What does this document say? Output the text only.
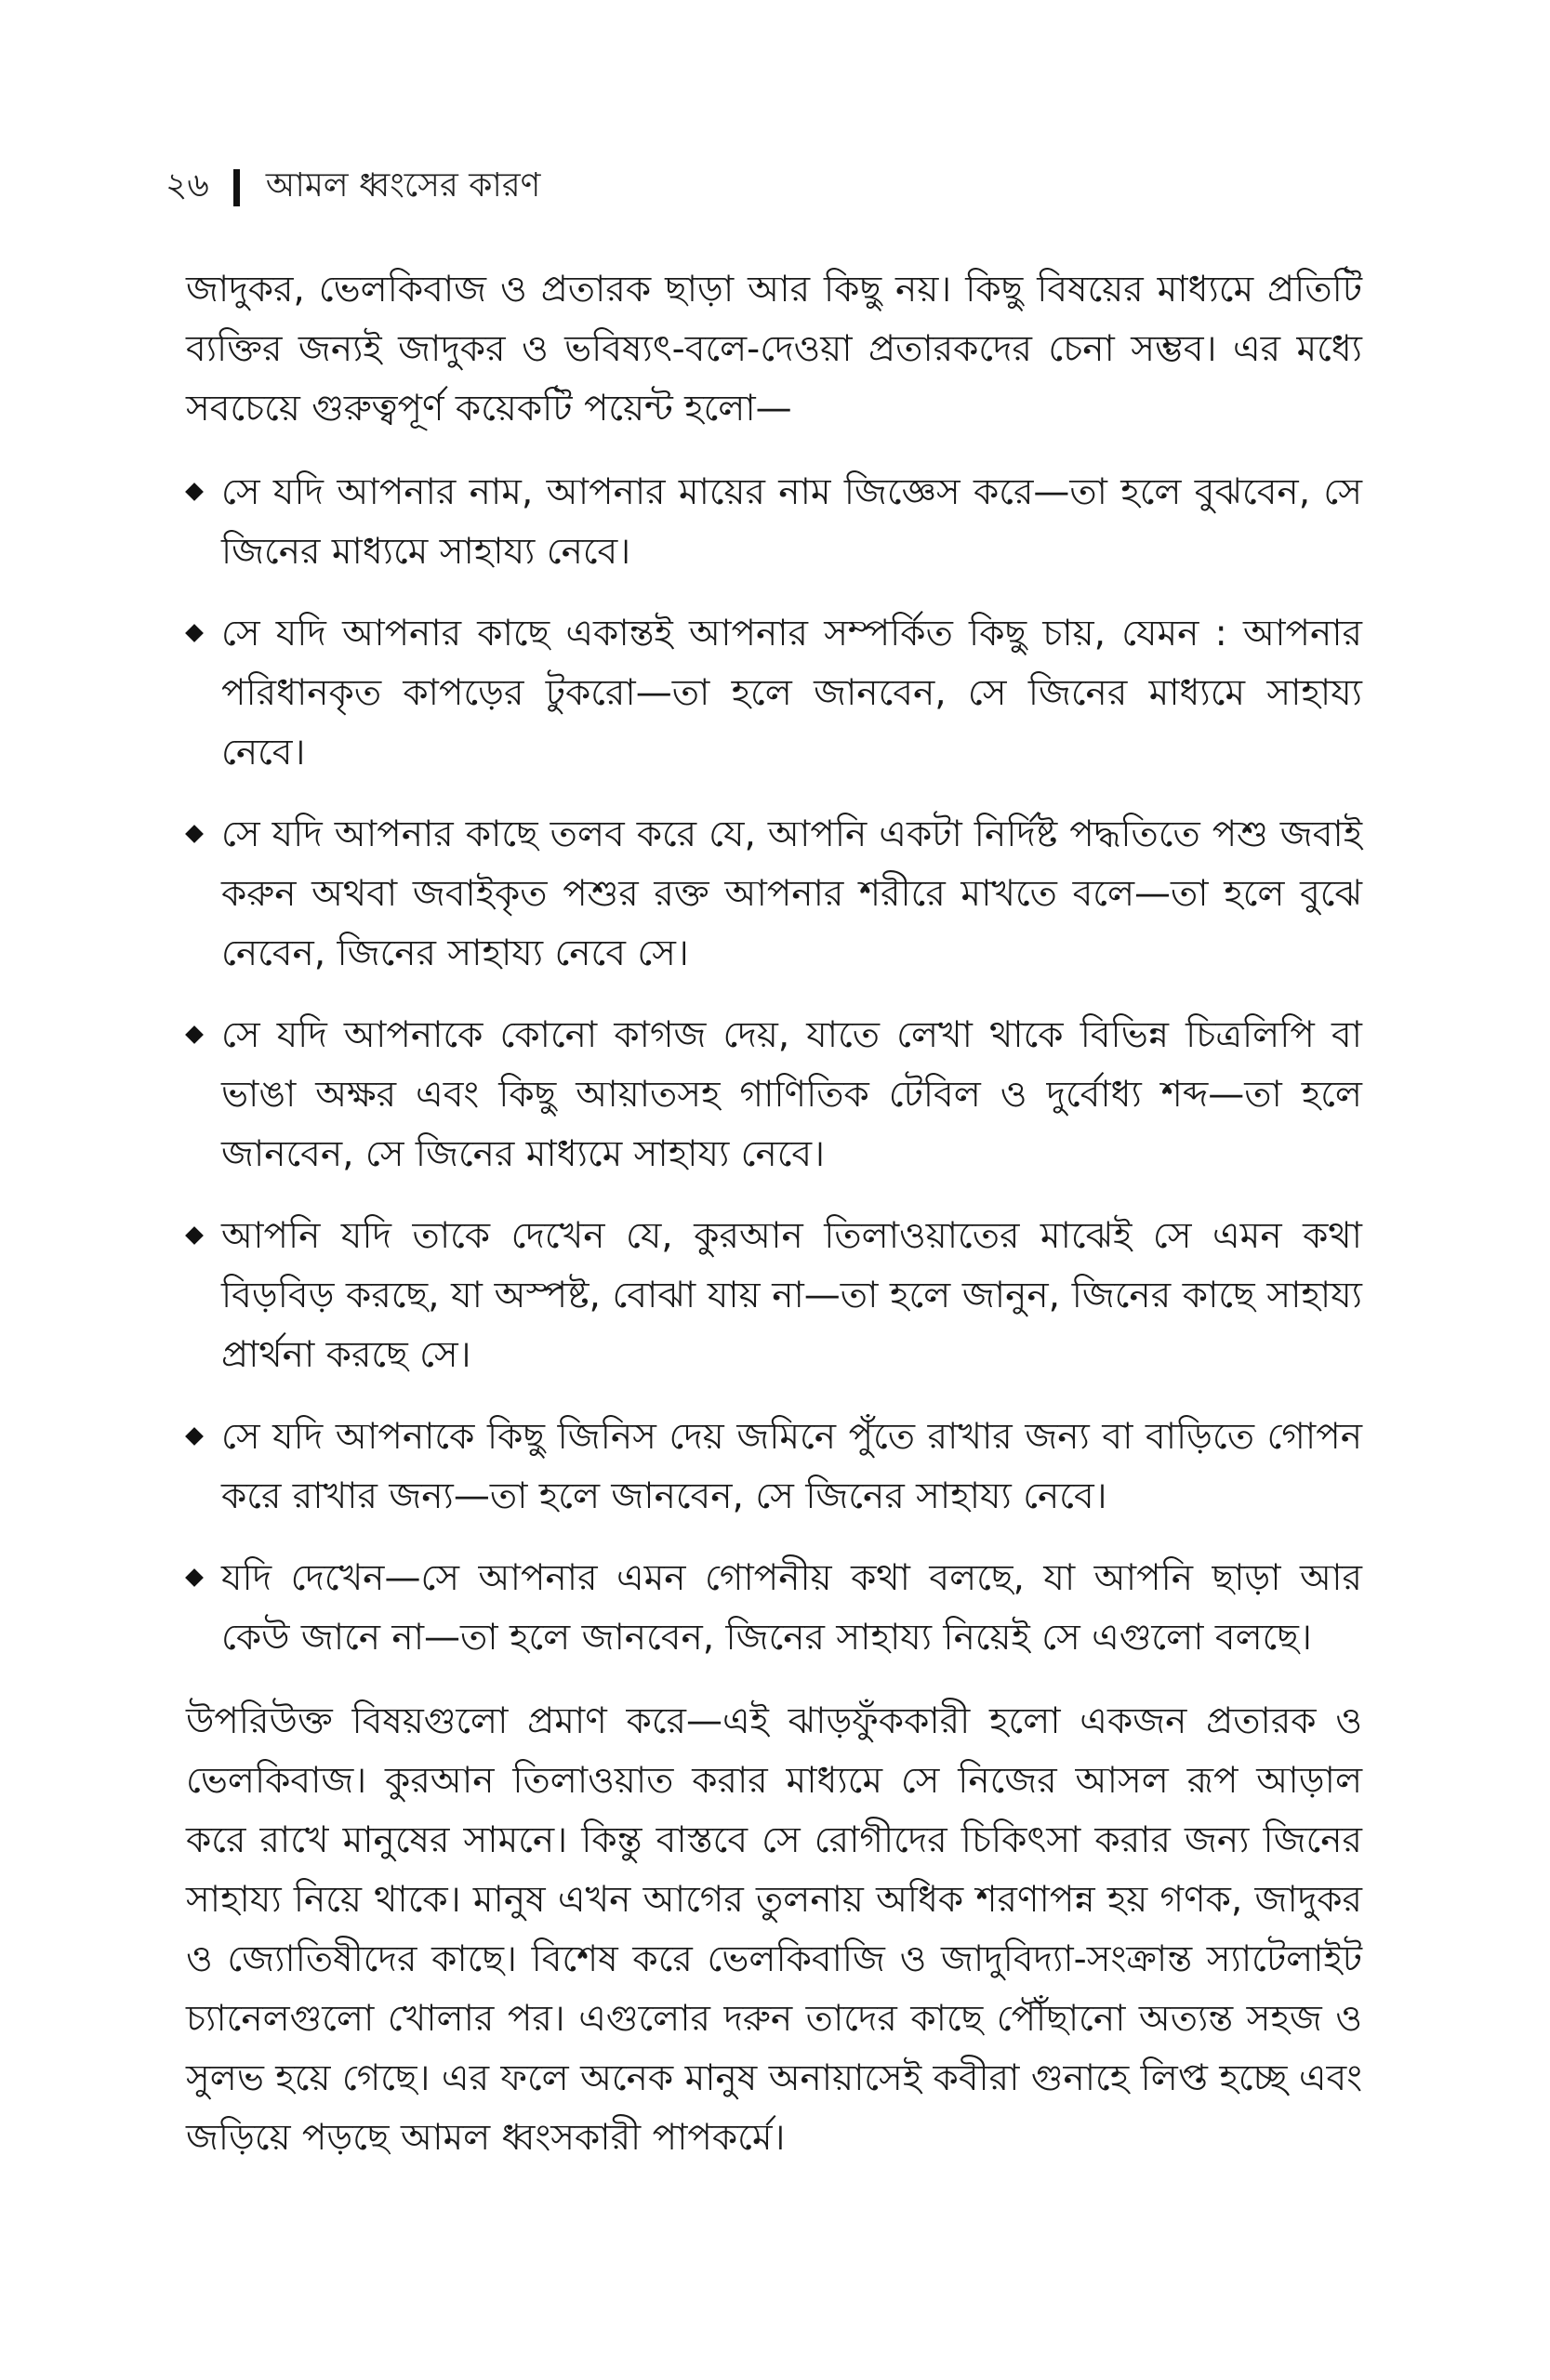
২৬ আমল ধ্বংসের কারণ

জাদুকর, ভেলকিবাজ ও প্রতারক ছাড়া আর কিছু নয়। কিছু বিষয়ের মাধ্যমে প্রতিটি ব্যক্তির জন্যই জাদুকর ও ভবিষ্যৎ-বলে-দেওয়া প্রতারকদের চেনা সম্ভব। এর মধ্যে সবচেয়ে গুরুত্বপূর্ণ কয়েকটি পয়েন্ট হলো—

সে যদি আপনার নাম, আপনার মায়ের নাম জিজ্ঞেস করে—তা হলে বুঝবেন, সে জিনের মাধ্যমে সাহায্য নেবে।
সে যদি আপনার কাছে একান্তই আপনার সম্পর্কিত কিছু চায়, যেমন : আপনার পরিধানকৃত কাপড়ের টুকরো—তা হলে জানবেন, সে জিনের মাধ্যমে সাহায্য নেবে।
সে যদি আপনার কাছে তলব করে যে, আপনি একটা নির্দিষ্ট পদ্ধতিতে পশু জবাই করুন অথবা জবাইকৃত পশুর রক্ত আপনার শরীরে মাখতে বলে—তা হলে বুঝে নেবেন, জিনের সাহায্য নেবে সে।
সে যদি আপনাকে কোনো কাগজ দেয়, যাতে লেখা থাকে বিভিন্ন চিত্রলিপি বা ভাঙা অক্ষর এবং কিছু আয়াতসহ গাণিতিক টেবিল ও দুর্বোধ্য শব্দ—তা হলে জানবেন, সে জিনের মাধ্যমে সাহায্য নেবে।
আপনি যদি তাকে দেখেন যে, কুরআন তিলাওয়াতের মাঝেই সে এমন কথা বিড়বিড় করছে, যা অস্পষ্ট, বোঝা যায় না—তা হলে জানুন, জিনের কাছে সাহায্য প্রার্থনা করছে সে।
সে যদি আপনাকে কিছু জিনিস দেয় জমিনে পুঁতে রাখার জন্য বা বাড়িতে গোপন করে রাখার জন্য—তা হলে জানবেন, সে জিনের সাহায্য নেবে।
যদি দেখেন—সে আপনার এমন গোপনীয় কথা বলছে, যা আপনি ছাড়া আর কেউ জানে না—তা হলে জানবেন, জিনের সাহায্য নিয়েই সে এগুলো বলছে।

উপরিউক্ত বিষয়গুলো প্রমাণ করে—এই ঝাড়ফুঁককারী হলো একজন প্রতারক ও ভেলকিবাজ। কুরআন তিলাওয়াত করার মাধ্যমে সে নিজের আসল রূপ আড়াল করে রাখে মানুষের সামনে। কিন্তু বাস্তবে সে রোগীদের চিকিৎসা করার জন্য জিনের সাহায্য নিয়ে থাকে। মানুষ এখন আগের তুলনায় অধিক শরণাপন্ন হয় গণক, জাদুকর ও জ্যোতিষীদের কাছে। বিশেষ করে ভেলকিবাজি ও জাদুবিদ্যা-সংক্রান্ত স্যাটেলাইট চ্যানেলগুলো খোলার পর। এগুলোর দরুন তাদের কাছে পৌঁছানো অত্যন্ত সহজ ও সুলভ হয়ে গেছে। এর ফলে অনেক মানুষ অনায়াসেই কবীরা গুনাহে লিপ্ত হচ্ছে এবং জড়িয়ে পড়ছে আমল ধ্বংসকারী পাপকর্মে।
